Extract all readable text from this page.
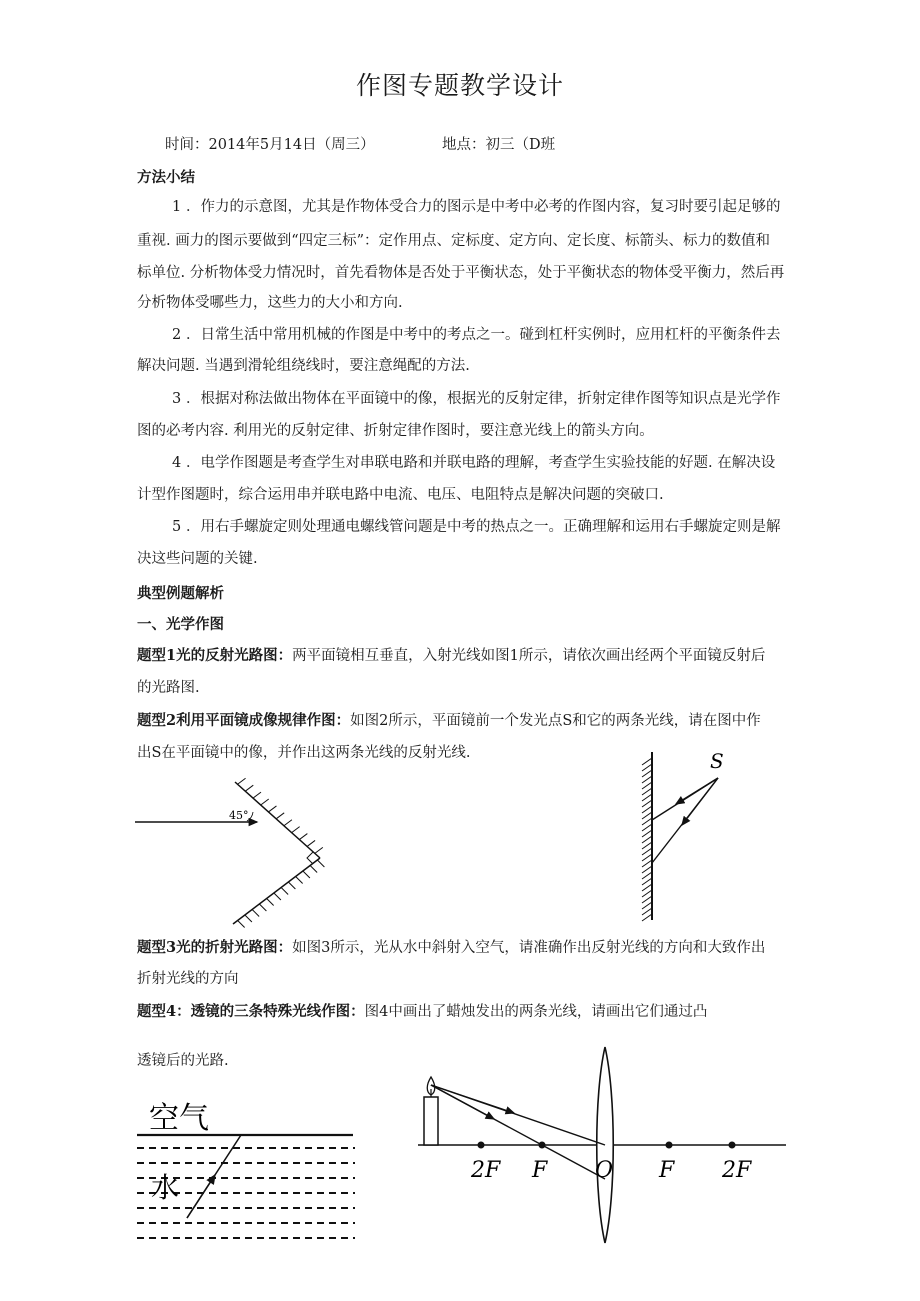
作图专题教学设计
时间：2014年5月14日（周三）	地点：初三（D班
方法小结
1 ．作力的示意图，尤其是作物体受合力的图示是中考中必考的作图内容，复习时要引起足够的
重视. 画力的图示要做到“四定三标”：定作用点、定标度、定方向、定长度、标箭头、标力的数值和
标单位. 分析物体受力情况时，首先看物体是否处于平衡状态，处于平衡状态的物体受平衡力，然后再
分析物体受哪些力，这些力的大小和方向.
2 ．日常生活中常用机械的作图是中考中的考点之一。碰到杠杆实例时，应用杠杆的平衡条件去
解决问题. 当遇到滑轮组绕线时，要注意绳配的方法.
3 ．根据对称法做出物体在平面镜中的像，根据光的反射定律，折射定律作图等知识点是光学作
图的必考内容. 利用光的反射定律、折射定律作图时，要注意光线上的箭头方向。
4 ．电学作图题是考查学生对串联电路和并联电路的理解，考查学生实验技能的好题. 在解决设
计型作图题时，综合运用串并联电路中电流、电压、电阻特点是解决问题的突破口.
5 ．用右手螺旋定则处理通电螺线管问题是中考的热点之一。正确理解和运用右手螺旋定则是解
决这些问题的关键.
典型例题解析
一、光学作图
题型1光的反射光路图：两平面镜相互垂直，入射光线如图1所示，请依次画出经两个平面镜反射后
的光路图.
题型2利用平面镜成像规律作图：如图2所示，平面镜前一个发光点S和它的两条光线，请在图中作
出S在平面镜中的像，并作出这两条光线的反射光线.
45°
S
题型3光的折射光路图：如图3所示，光从水中斜射入空气，请准确作出反射光线的方向和大致作出
折射光线的方向
题型4：透镜的三条特殊光线作图：图4中画出了蜡烛发出的两条光线，请画出它们通过凸
透镜后的光路.
空气
水
2F F O F 2F
